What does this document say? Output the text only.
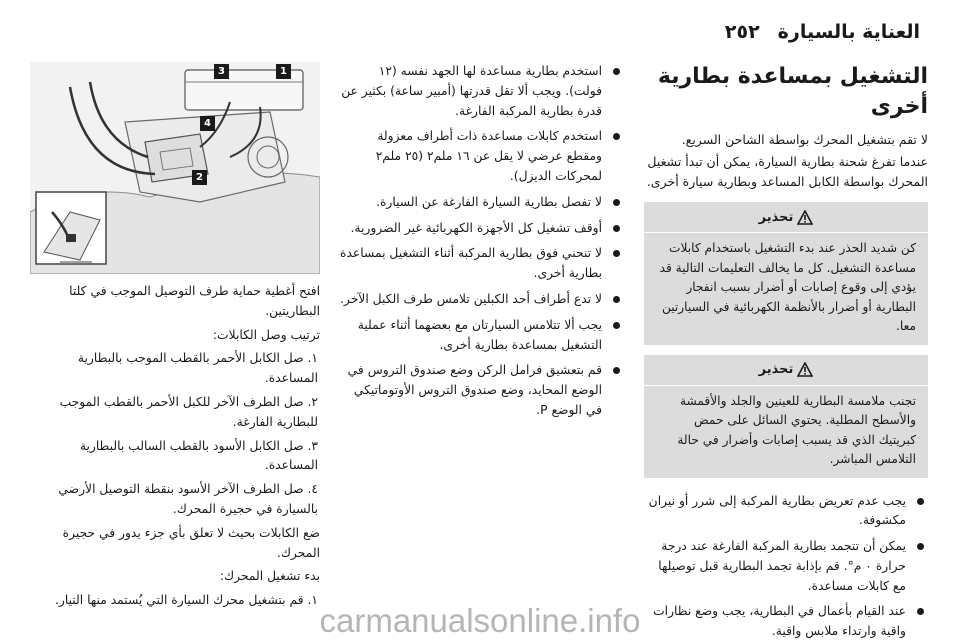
العناية بالسيارة
٢٥٢
التشغيل بمساعدة بطارية أخرى

لا تقم بتشغيل المحرك بواسطة الشاحن السريع.

عندما تفرغ شحنة بطارية السيارة، يمكن أن تبدأ تشغيل المحرك بواسطة الكابل المساعد وبطارية سيارة أخرى.

تحذير
كن شديد الحذر عند بدء التشغيل باستخدام كابلات مساعدة التشغيل. كل ما يخالف التعليمات التالية قد يؤدي إلى وقوع إصابات أو أضرار بسبب انفجار البطارية أو أضرار بالأنظمة الكهربائية في السيارتين معا.
تحذير
تجنب ملامسة البطارية للعينين والجلد والأقمشة والأسطح المطلية. يحتوي السائل على حمض كبريتيك الذي قد يسبب إصابات وأضرار في حالة التلامس المباشر.
يجب عدم تعريض بطارية المركبة إلى شرر أو نيران مكشوفة.
يمكن أن تتجمد بطارية المركبة الفارغة عند درجة حرارة ٠ م°. قم بإذابة تجمد البطارية قبل توصيلها مع كابلات مساعدة.
عند القيام بأعمال في البطارية، يجب وضع نظارات واقية وارتداء ملابس واقية.
استخدم بطارية مساعدة لها الجهد نفسه (١٢ فولت). ويجب ألا تقل قدرتها (أمبير ساعة) بكثير عن قدرة بطارية المركبة الفارغة.
استخدم كابلات مساعدة ذات أطراف معزولة ومقطع عرضي لا يقل عن ١٦ ملم٢ (٢٥ ملم٢ لمحركات الديزل).
لا تفصل بطارية السيارة الفارغة عن السيارة.
أوقف تشغيل كل الأجهزة الكهربائية غير الضرورية.
لا تنحني فوق بطارية المركبة أثناء التشغيل بمساعدة بطارية أخرى.
لا تدع أطراف أحد الكبلين تلامس طرف الكبل الآخر.
يجب ألا تتلامس السيارتان مع بعضهما أثناء عملية التشغيل بمساعدة بطارية أخرى.
قم بتعشيق فرامل الركن وضع صندوق التروس في الوضع المحايد، وضع صندوق التروس الأوتوماتيكي في الوضع P.
1
2
3
4

افتح أغطية حماية طرف التوصيل الموجب في كلتا البطاريتين.

ترتيب وصل الكابلات:

١. صل الكابل الأحمر بالقطب الموجب بالبطارية المساعدة.
٢. صل الطرف الآخر للكبل الأحمر بالقطب الموجب للبطارية الفارغة.
٣. صل الكابل الأسود بالقطب السالب بالبطارية المساعدة.
٤. صل الطرف الآخر الأسود بنقطة التوصيل الأرضي بالسيارة في حجيرة المحرك.

ضع الكابلات بحيث لا تعلق بأي جزء يدور في حجيرة المحرك.

بدء تشغيل المحرك:

١. قم بتشغيل محرك السيارة التي يُستمد منها التيار.
carmanualsonline.info
